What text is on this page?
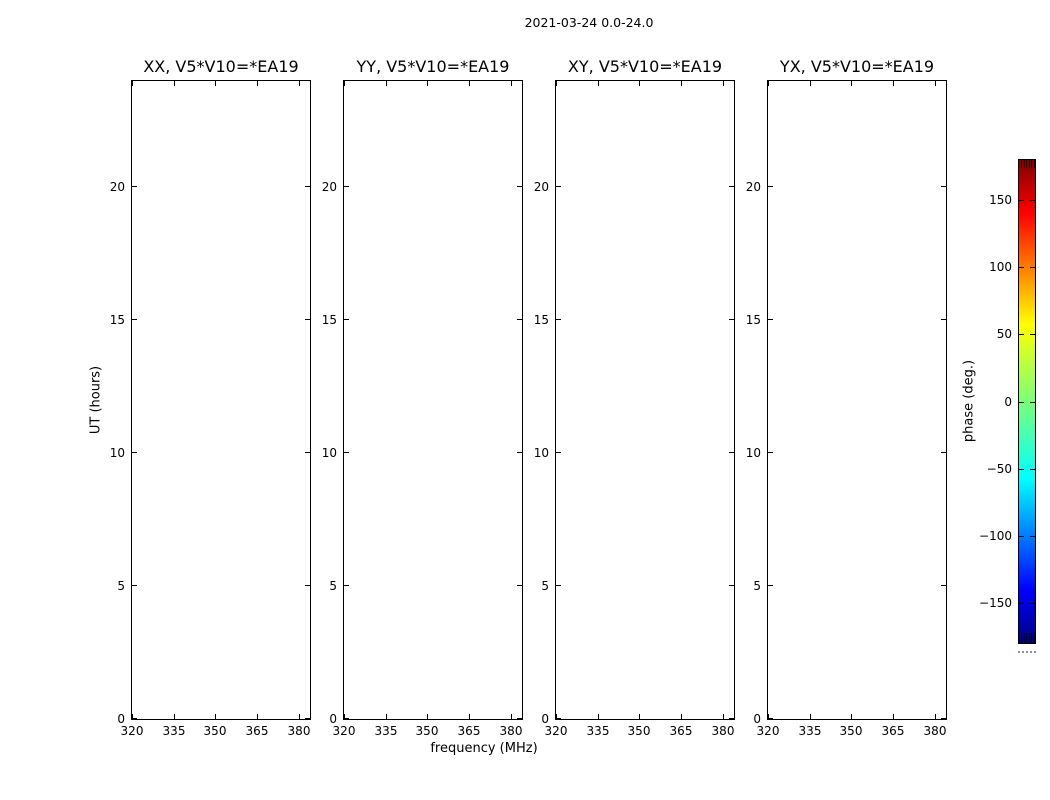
2021-03-24 0.0-24.0
XX, V5*V10=*EA19	YY, V5*V10=*EA19	XY, V5*V10=*EA19	YX, V5*V10=*EA19
frequency (MHz)
UT (hours)	phase (deg.)
320 335 350 365 380
0
5
10
15
20
320 335 350 365 380
0
5
10
15
20
320 335 350 365 380
0
5
10
15
20
320 335 350 365 380
0
5
10
15
20
150
100
50
0
−50
−100
−150
